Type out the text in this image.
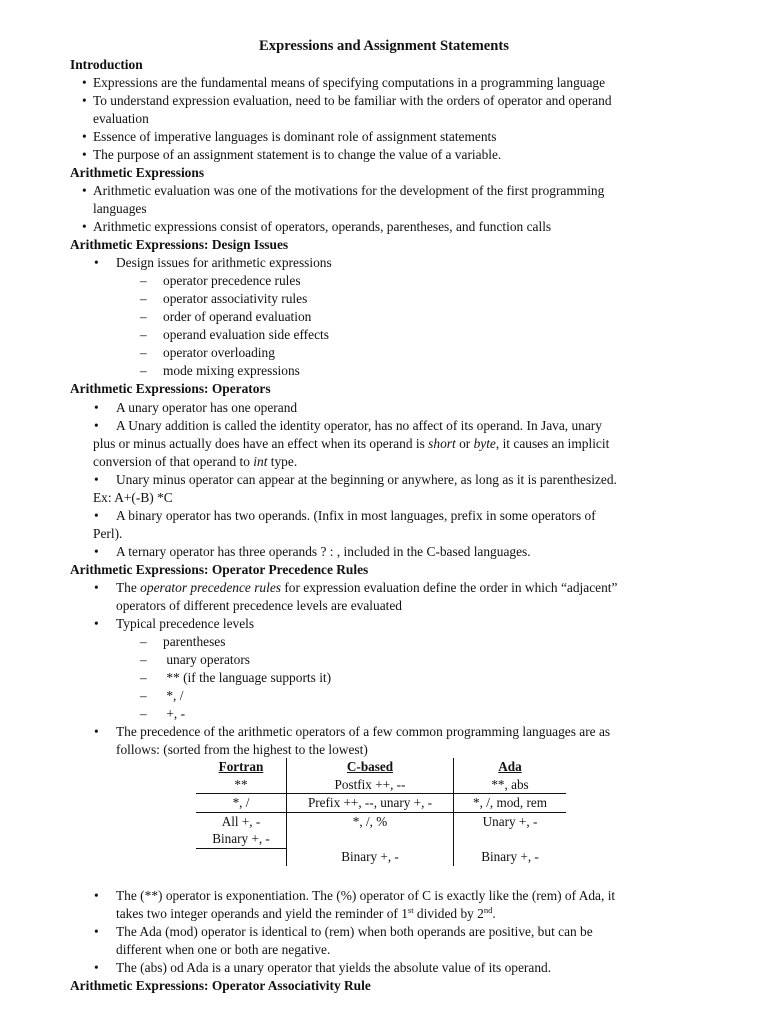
Expressions and Assignment Statements
Introduction
• Expressions are the fundamental means of specifying computations in a programming language
• To understand expression evaluation, need to be familiar with the orders of operator and operand
evaluation
• Essence of imperative languages is dominant role of assignment statements
• The purpose of an assignment statement is to change the value of a variable.
Arithmetic Expressions
• Arithmetic evaluation was one of the motivations for the development of the first programming
languages
• Arithmetic expressions consist of operators, operands, parentheses, and function calls
Arithmetic Expressions: Design Issues
• Design issues for arithmetic expressions
– operator precedence rules
– operator associativity rules
– order of operand evaluation
– operand evaluation side effects
– operator overloading
– mode mixing expressions
Arithmetic Expressions: Operators
• A unary operator has one operand
• A Unary addition is called the identity operator, has no affect of its operand. In Java, unary
plus or minus actually does have an effect when its operand is short or byte, it causes an implicit
conversion of that operand to int type.
• Unary minus operator can appear at the beginning or anywhere, as long as it is parenthesized.
Ex: A+(-B) *C
• A binary operator has two operands. (Infix in most languages, prefix in some operators of
Perl).
• A ternary operator has three operands ? : , included in the C-based languages.
Arithmetic Expressions: Operator Precedence Rules
• The operator precedence rules for expression evaluation define the order in which “adjacent”
operators of different precedence levels are evaluated
• Typical precedence levels
– parentheses
– unary operators
– ** (if the language supports it)
– *, /
– +, -
• The precedence of the arithmetic operators of a few common programming languages are as
follows: (sorted from the highest to the lowest)
Fortran	C-based	Ada
**	Postfix ++, --	**, abs
*, /	Prefix ++, --, unary +, -	*, /, mod, rem
All +, -	*, /, %	Unary +, -
Binary +, -		
	Binary +, -	Binary +, -
• The (**) operator is exponentiation. The (%) operator of C is exactly like the (rem) of Ada, it
takes two integer operands and yield the reminder of 1st divided by 2nd.
• The Ada (mod) operator is identical to (rem) when both operands are positive, but can be
different when one or both are negative.
• The (abs) od Ada is a unary operator that yields the absolute value of its operand.
Arithmetic Expressions: Operator Associativity Rule
